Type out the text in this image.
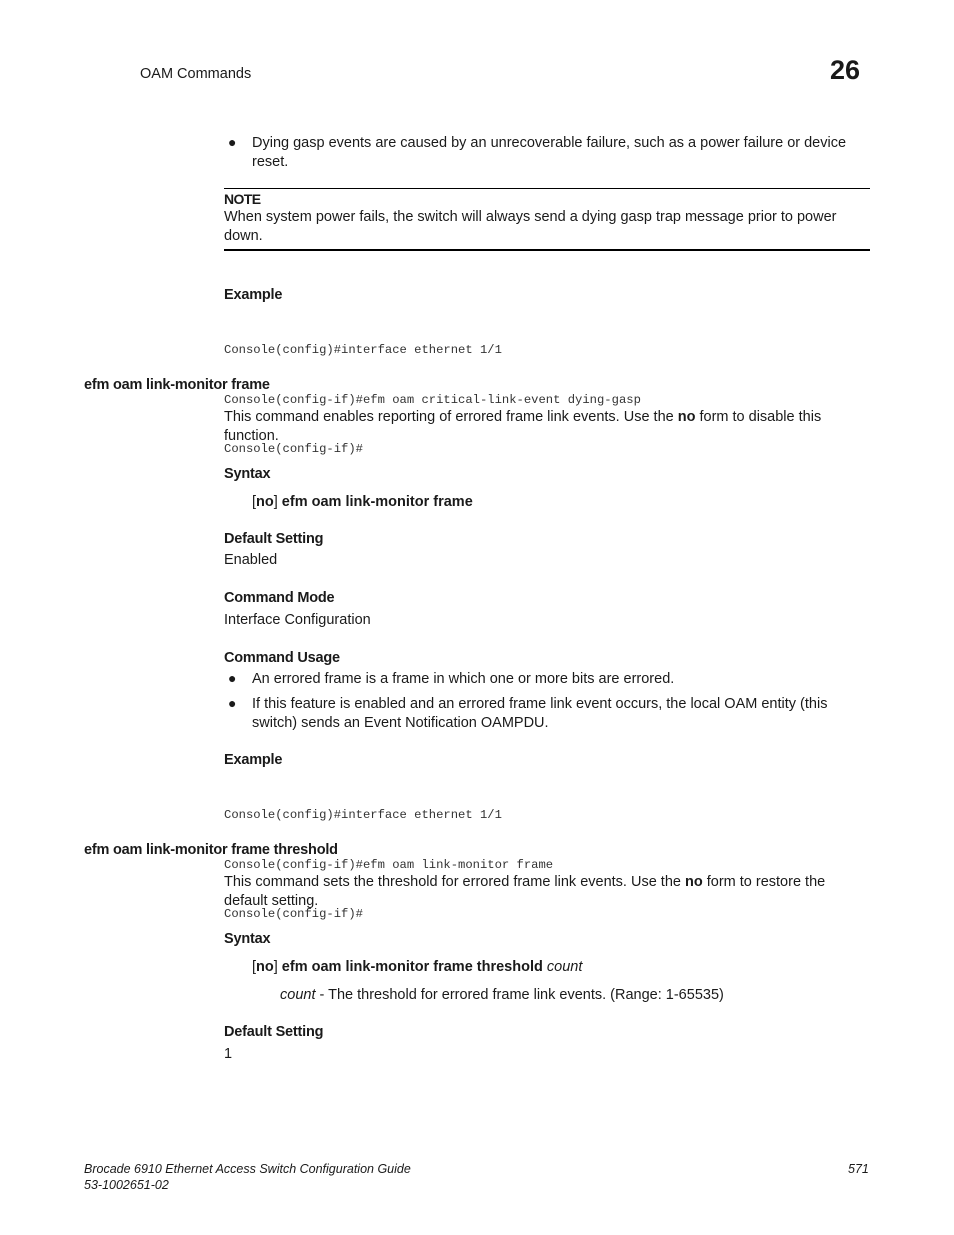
OAM Commands	26
● Dying gasp events are caused by an unrecoverable failure, such as a power failure or device reset.
NOTE
When system power fails, the switch will always send a dying gasp trap message prior to power down.
Example

Console(config)#interface ethernet 1/1

Console(config-if)#efm oam critical-link-event dying-gasp

Console(config-if)#

efm oam link-monitor frame
This command enables reporting of errored frame link events. Use the no form to disable this function.
Syntax
[no] efm oam link-monitor frame
Default Setting
Enabled
Command Mode
Interface Configuration
Command Usage
● An errored frame is a frame in which one or more bits are errored.
● If this feature is enabled and an errored frame link event occurs, the local OAM entity (this switch) sends an Event Notification OAMPDU.
Example

Console(config)#interface ethernet 1/1

Console(config-if)#efm oam link-monitor frame

Console(config-if)#

efm oam link-monitor frame threshold
This command sets the threshold for errored frame link events. Use the no form to restore the default setting.
Syntax
[no] efm oam link-monitor frame threshold count
count - The threshold for errored frame link events. (Range: 1-65535)
Default Setting
1
Brocade 6910 Ethernet Access Switch Configuration Guide
53-1002651-02
571
